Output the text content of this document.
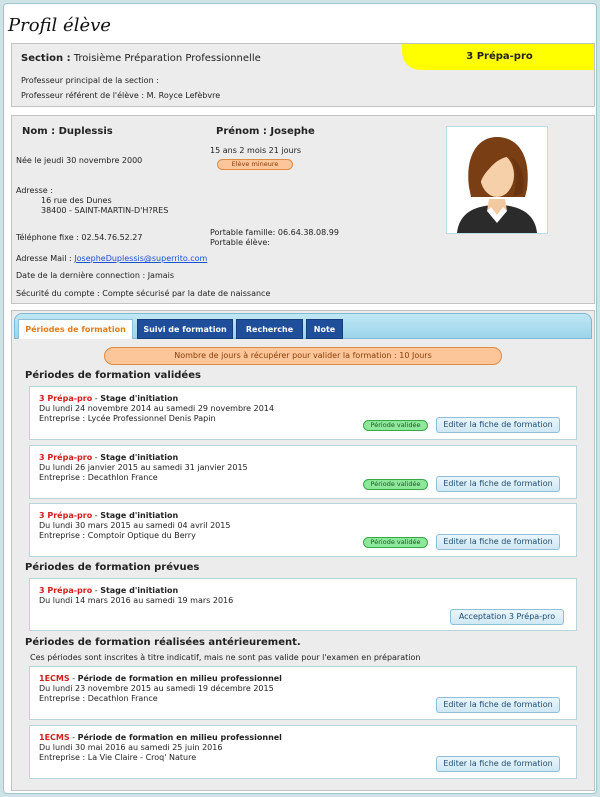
Profil élève
Section : Troisième Préparation Professionnelle	3 Prépa-pro
Professeur principal de la section :
Professeur référent de l'élève : M. Royce Lefèbvre
Nom : Duplessis	Prénom : Josephe
Née le jeudi 30 novembre 2000
15 ans 2 mois 21 jours
Elève mineure
Adresse :
16 rue des Dunes
38400 - SAINT-MARTIN-D'H?RES
Téléphone fixe : 02.54.76.52.27
Portable famille: 06.64.38.08.99
Portable élève:
Adresse Mail : JosepheDuplessis@superrito.com
Date de la dernière connection : Jamais
Sécurité du compte : Compte sécurisé par la date de naissance
Périodes de formation	Suivi de formation	Recherche	Note
Nombre de jours à récupérer pour valider la formation : 10 Jours
Périodes de formation validées
3 Prépa-pro - Stage d'initiation
Du lundi 24 novembre 2014 au samedi 29 novembre 2014
Entreprise : Lycée Professionnel Denis Papin
Période validée	Editer la fiche de formation
3 Prépa-pro - Stage d'initiation
Du lundi 26 janvier 2015 au samedi 31 janvier 2015
Entreprise : Decathlon France
Période validée	Editer la fiche de formation
3 Prépa-pro - Stage d'initiation
Du lundi 30 mars 2015 au samedi 04 avril 2015
Entreprise : Comptoir Optique du Berry
Période validée	Editer la fiche de formation
Périodes de formation prévues
3 Prépa-pro - Stage d'initiation
Du lundi 14 mars 2016 au samedi 19 mars 2016
Acceptation 3 Prépa-pro
Périodes de formation réalisées antérieurement.
Ces périodes sont inscrites à titre indicatif, mais ne sont pas valide pour l'examen en préparation
1ECMS - Période de formation en milieu professionnel
Du lundi 23 novembre 2015 au samedi 19 décembre 2015
Entreprise : Decathlon France
Editer la fiche de formation
1ECMS - Période de formation en milieu professionnel
Du lundi 30 mai 2016 au samedi 25 juin 2016
Entreprise : La Vie Claire - Croq' Nature
Editer la fiche de formation
